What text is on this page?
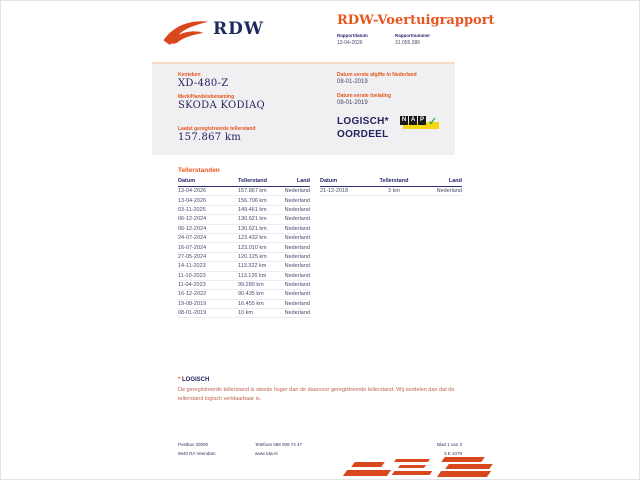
RDW	RDW-Voertuigrapport
Rapportdatum
13-04-2026
Rapportnummer
31.055.386
Kenteken
XD-480-Z
Merk/Handelsbenaming
SKODA KODIAQ
Laatst geregistreerde tellerstand
157.867 km
Datum eerste afgifte in Nederland
08-01-2019
Datum eerste toelating
08-01-2019
LOGISCH*
OORDEEL
N A P ✓
Tellerstanden
Datum	Tellerstand	Land
13-04-2026	157.867 km	Nederland
13-04-2026	156.706 km	Nederland
03-11-2025	149.461 km	Nederland
06-12-2024	130.621 km	Nederland
06-12-2024	130.621 km	Nederland
24-07-2024	123.432 km	Nederland
16-07-2024	123.010 km	Nederland
27-05-2024	120.125 km	Nederland
14-11-2023	113.322 km	Nederland
11-10-2023	113.126 km	Nederland
11-04-2023	99.280 km	Nederland
16-12-2022	90.435 km	Nederland
19-08-2019	16.455 km	Nederland
08-01-2019	10 km	Nederland
Datum	Tellerstand	Land
21-12-2018	3 km	Nederland
* LOGISCH
De geregistreerde tellerstand is steeds hoger dan de daarvoor geregistreerde tellerstand. Wij oordelen dan dat de tellerstand logisch verklaarbaar is.
Postbus 30000
9640 RA Veendam
Telefoon 088 008 74 47
www.rdw.nl
Blad 1 van 3
3 E 1079
